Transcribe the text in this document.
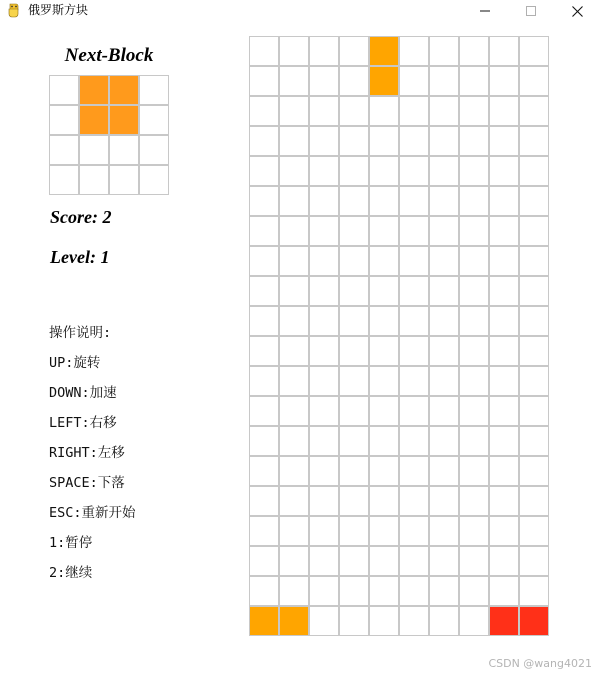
俄罗斯方块
Next-Block
Score: 2
Level: 1
操作说明:
UP:旋转
DOWN:加速
LEFT:右移
RIGHT:左移
SPACE:下落
ESC:重新开始
1:暂停
2:继续
CSDN @wang4021
